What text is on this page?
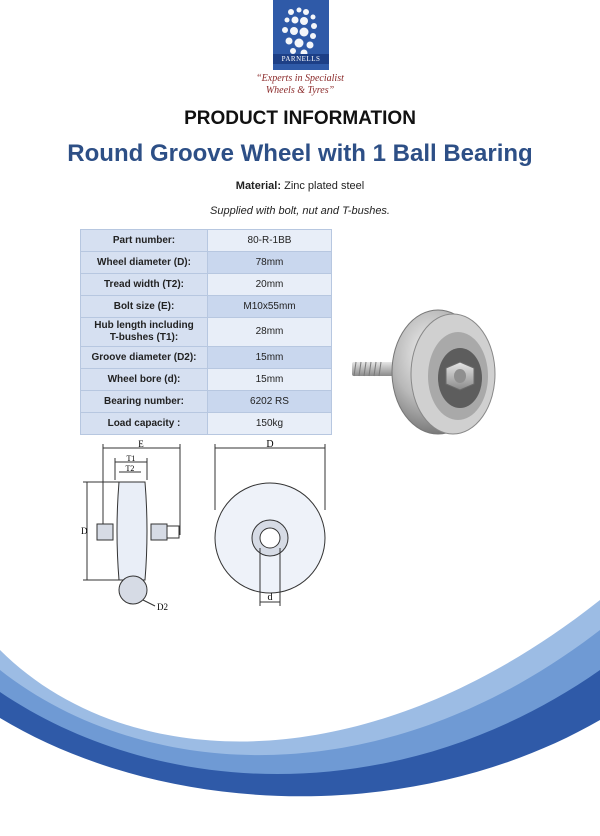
PARNELLS
“Experts in Specialist
Wheels & Tyres”
PRODUCT INFORMATION
Round Groove Wheel with 1 Ball Bearing
Material: Zinc plated steel
Supplied with bolt, nut and T-bushes.
Part number:	80-R-1BB
Wheel diameter (D):	78mm
Tread width (T2):	20mm
Bolt size (E):	M10x55mm
Hub length including
T-bushes (T1):	28mm
Groove diameter (D2):	15mm
Wheel bore (d):	15mm
Bearing number:	6202 RS
Load capacity :	150kg
E
T1
T2
D
D2
D
d
